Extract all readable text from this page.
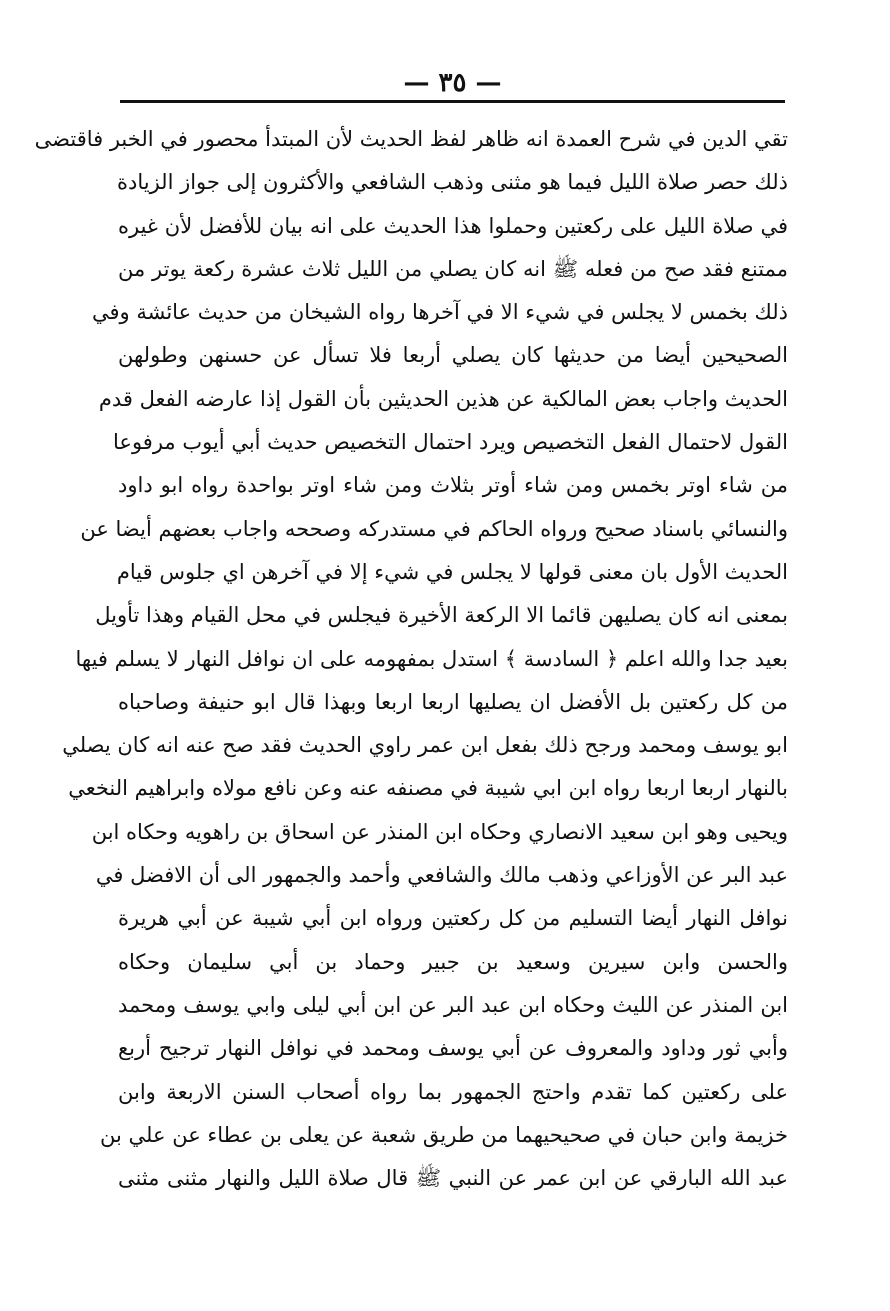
— ٣٥ —
تقي الدين في شرح العمدة انه ظاهر لفظ الحديث لأن المبتدأ محصور في الخبر فاقتضى
ذلك حصر صلاة الليل فيما هو مثنى وذهب الشافعي والأكثرون إلى جواز الزيادة
في صلاة الليل على ركعتين وحملوا هذا الحديث على انه بيان للأفضل لأن غيره
ممتنع فقد صح من فعله ﷺ انه كان يصلي من الليل ثلاث عشرة ركعة يوتر من
ذلك بخمس لا يجلس في شيء الا في آخرها رواه الشيخان من حديث عائشة وفي
الصحيحين أيضا من حديثها كان يصلي أربعا فلا تسأل عن حسنهن وطولهن
الحديث واجاب بعض المالكية عن هذين الحديثين بأن القول إذا عارضه الفعل قدم
القول لاحتمال الفعل التخصيص ويرد احتمال التخصيص حديث أبي أيوب مرفوعا
من شاء اوتر بخمس ومن شاء أوتر بثلاث ومن شاء اوتر بواحدة رواه ابو داود
والنسائي باسناد صحيح ورواه الحاكم في مستدركه وصححه واجاب بعضهم أيضا عن
الحديث الأول بان معنى قولها لا يجلس في شيء إلا في آخرهن اي جلوس قيام
بمعنى انه كان يصليهن قائما الا الركعة الأخيرة فيجلس في محل القيام وهذا تأويل
بعيد جدا والله اعلم ﴿ السادسة ﴾ استدل بمفهومه على ان نوافل النهار لا يسلم فيها
من كل ركعتين بل الأفضل ان يصليها اربعا اربعا وبهذا قال ابو حنيفة وصاحباه
ابو يوسف ومحمد ورجح ذلك بفعل ابن عمر راوي الحديث فقد صح عنه انه كان يصلي
بالنهار اربعا اربعا رواه ابن ابي شيبة في مصنفه عنه وعن نافع مولاه وابراهيم النخعي
ويحيى وهو ابن سعيد الانصاري وحكاه ابن المنذر عن اسحاق بن راهويه وحكاه ابن
عبد البر عن الأوزاعي وذهب مالك والشافعي وأحمد والجمهور الى أن الافضل في
نوافل النهار أيضا التسليم من كل ركعتين ورواه ابن أبي شيبة عن أبي هريرة
والحسن وابن سيرين وسعيد بن جبير وحماد بن أبي سليمان وحكاه
ابن المنذر عن الليث وحكاه ابن عبد البر عن ابن أبي ليلى وابي يوسف ومحمد
وأبي ثور وداود والمعروف عن أبي يوسف ومحمد في نوافل النهار ترجيح أربع
على ركعتين كما تقدم واحتج الجمهور بما رواه أصحاب السنن الاربعة وابن
خزيمة وابن حبان في صحيحيهما من طريق شعبة عن يعلى بن عطاء عن علي بن
عبد الله البارقي عن ابن عمر عن النبي ﷺ قال صلاة الليل والنهار مثنى مثنى
